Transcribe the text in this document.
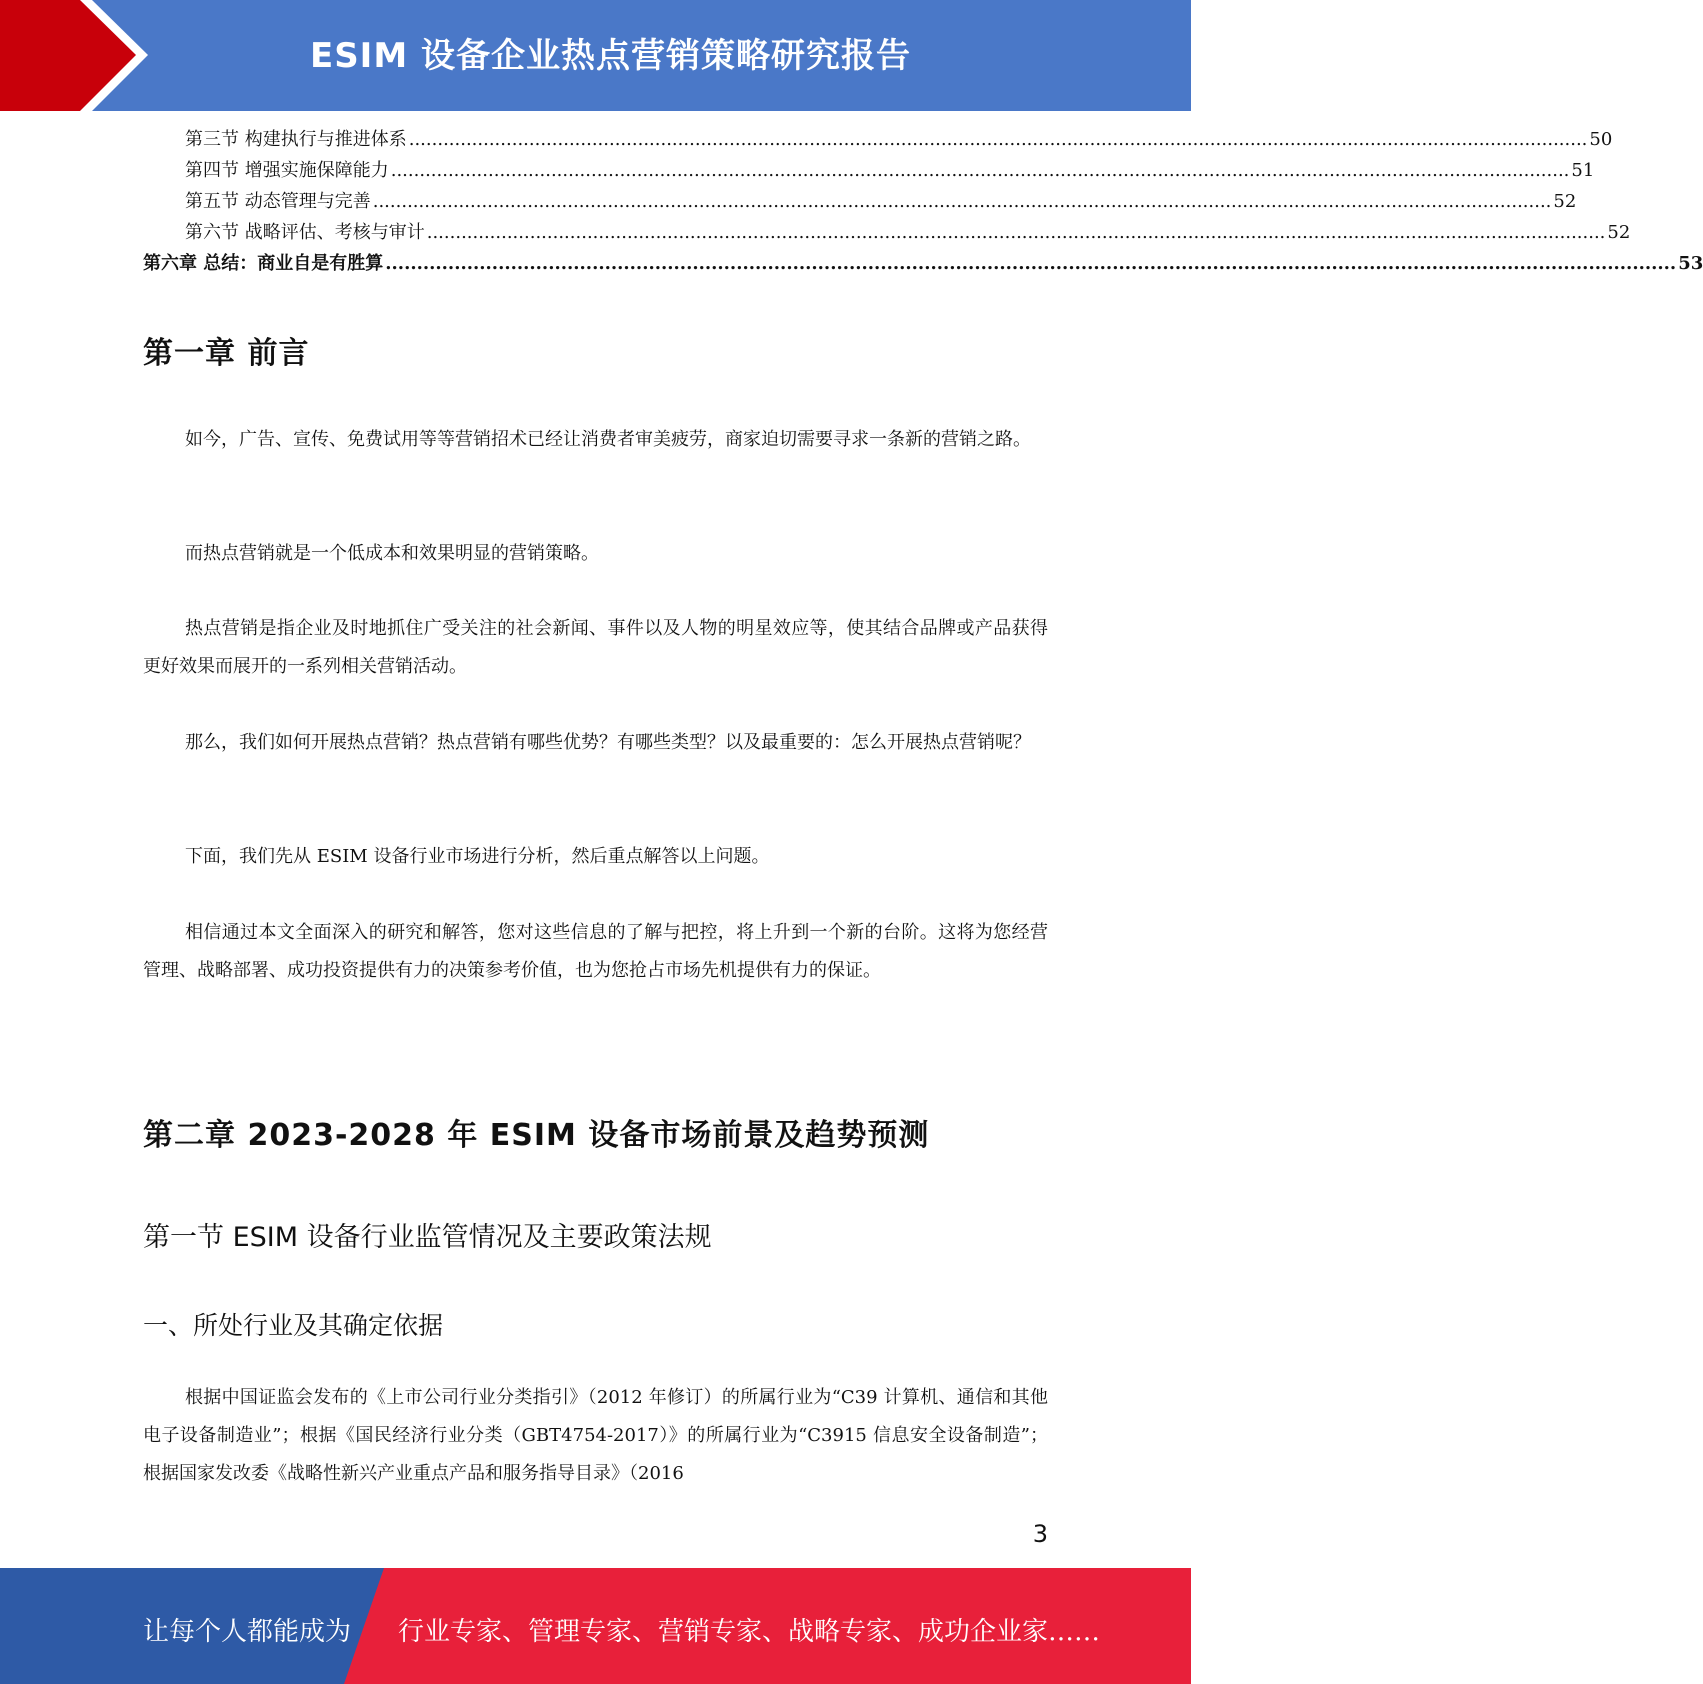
ESIM 设备企业热点营销策略研究报告
第三节 构建执行与推进体系 .............................................................................................................................................................................................................. 50
第四节 增强实施保障能力 .............................................................................................................................................................................................................. 51
第五节 动态管理与完善 .............................................................................................................................................................................................................. 52
第六节 战略评估、考核与审计 .............................................................................................................................................................................................................. 52
第六章 总结：商业自是有胜算 .............................................................................................................................................................................................................. 53
第一章 前言

如今，广告、宣传、免费试用等等营销招术已经让消费者审美疲劳，商家迫切需要寻求一条新的营销之路。

而热点营销就是一个低成本和效果明显的营销策略。

热点营销是指企业及时地抓住广受关注的社会新闻、事件以及人物的明星效应等，使其结合品牌或产品获得更好效果而展开的一系列相关营销活动。

那么，我们如何开展热点营销？热点营销有哪些优势？有哪些类型？以及最重要的：怎么开展热点营销呢？

下面，我们先从 ESIM 设备行业市场进行分析，然后重点解答以上问题。

相信通过本文全面深入的研究和解答，您对这些信息的了解与把控，将上升到一个新的台阶。这将为您经营管理、战略部署、成功投资提供有力的决策参考价值，也为您抢占市场先机提供有力的保证。

第二章 2023-2028 年 ESIM 设备市场前景及趋势预测
第一节 ESIM 设备行业监管情况及主要政策法规
一、所处行业及其确定依据

根据中国证监会发布的《上市公司行业分类指引》（2012 年修订）的所属行业为“C39 计算机、通信和其他电子设备制造业”；根据《国民经济行业分类（GBT4754-2017）》的所属行业为“C3915 信息安全设备制造”；根据国家发改委《战略性新兴产业重点产品和服务指导目录》（2016

3
让每个人都能成为 行业专家、管理专家、营销专家、战略专家、成功企业家……
